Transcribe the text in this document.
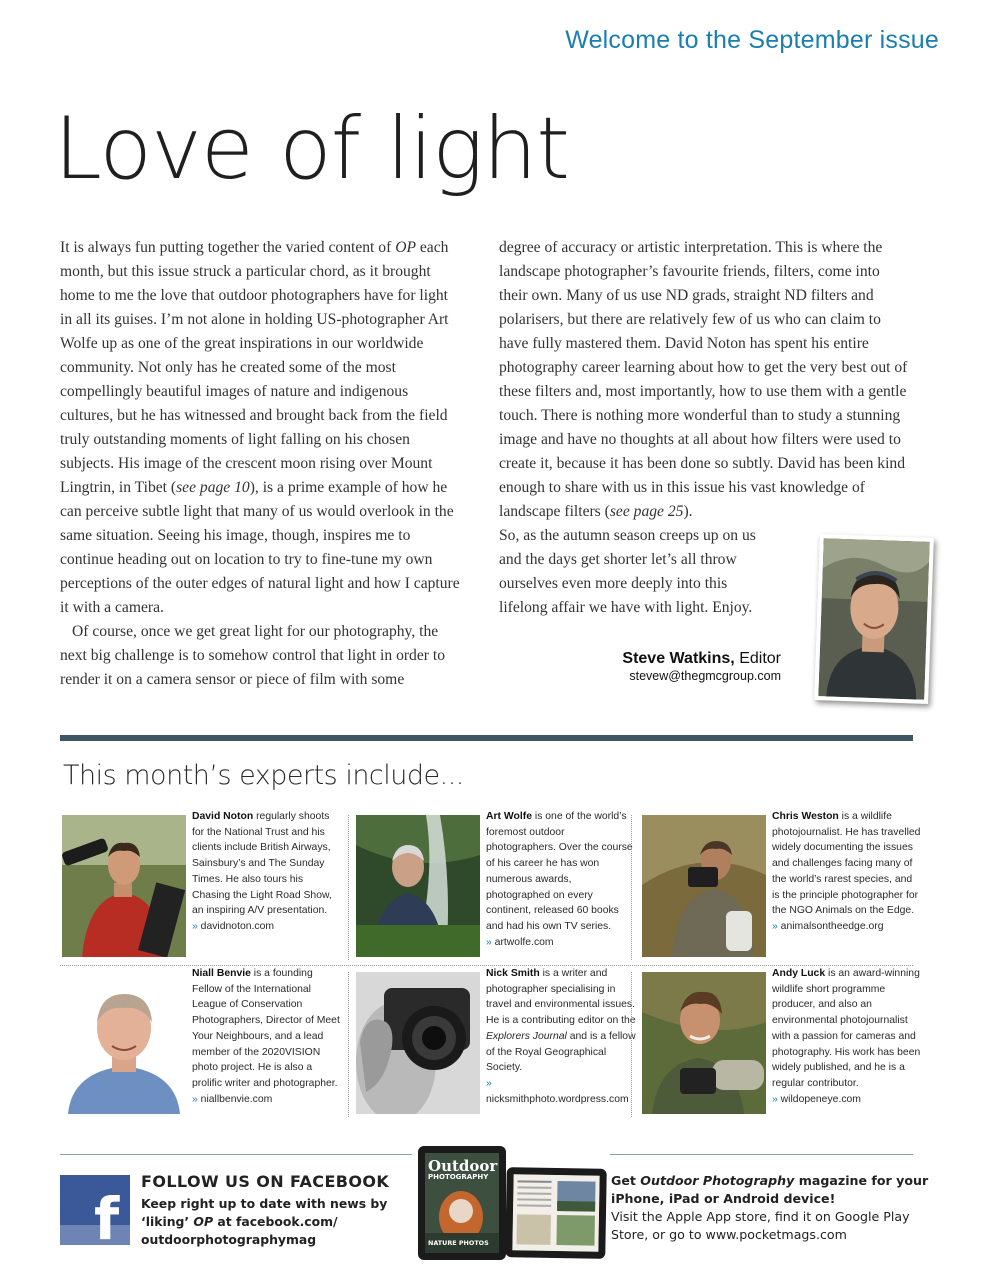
Welcome to the September issue
Love of light

It is always fun putting together the varied content of OP each month, but this issue struck a particular chord, as it brought home to me the love that outdoor photographers have for light in all its guises. I’m not alone in holding US-photographer Art Wolfe up as one of the great inspirations in our worldwide community. Not only has he created some of the most compellingly beautiful images of nature and indigenous cultures, but he has witnessed and brought back from the field truly outstanding moments of light falling on his chosen subjects. His image of the crescent moon rising over Mount Lingtrin, in Tibet (see page 10), is a prime example of how he can perceive subtle light that many of us would overlook in the same situation. Seeing his image, though, inspires me to continue heading out on location to try to fine-tune my own perceptions of the outer edges of natural light and how I capture it with a camera.

Of course, once we get great light for our photography, the next big challenge is to somehow control that light in order to render it on a camera sensor or piece of film with some

degree of accuracy or artistic interpretation. This is where the landscape photographer’s favourite friends, filters, come into their own. Many of us use ND grads, straight ND filters and polarisers, but there are relatively few of us who can claim to have fully mastered them. David Noton has spent his entire photography career learning about how to get the very best out of these filters and, most importantly, how to use them with a gentle touch. There is nothing more wonderful than to study a stunning image and have no thoughts at all about how filters were used to create it, because it has been done so subtly. David has been kind enough to share with us in this issue his vast knowledge of landscape filters (see page 25).

So, as the autumn season creeps up on us and the days get shorter let’s all throw ourselves even more deeply into this lifelong affair we have with light. Enjoy.

Steve Watkins, Editor
stevew@thegmcgroup.com
This month’s experts include...
David Noton regularly shoots for the National Trust and his clients include British Airways, Sainsbury’s and The Sunday Times. He also tours his Chasing the Light Road Show, an inspiring A/V presentation.
» davidnoton.com
Art Wolfe is one of the world’s foremost outdoor photographers. Over the course of his career he has won numerous awards, photographed on every continent, released 60 books and had his own TV series.
» artwolfe.com
Chris Weston is a wildlife photojournalist. He has travelled widely documenting the issues and challenges facing many of the world’s rarest species, and is the principle photographer for the NGO Animals on the Edge.
» animalsontheedge.org
Niall Benvie is a founding Fellow of the International League of Conservation Photographers, Director of Meet Your Neighbours, and a lead member of the 2020VISION photo project. He is also a prolific writer and photographer.
» niallbenvie.com
Nick Smith is a writer and photographer specialising in travel and environmental issues. He is a contributing editor on the Explorers Journal and is a fellow of the Royal Geographical Society.
» nicksmithphoto.wordpress.com
Andy Luck is an award-winning wildlife short programme producer, and also an environmental photojournalist with a passion for cameras and photography. His work has been widely published, and he is a regular contributor.
» wildopeneye.com
f
FOLLOW US ON FACEBOOK
Keep right up to date with news by ‘liking’ OP at facebook.com/ outdoorphotographymag
Outdoor
PHOTOGRAPHY
NATURE PHOTOS
Get Outdoor Photography magazine for your iPhone, iPad or Android device!
Visit the Apple App store, find it on Google Play Store, or go to www.pocketmags.com
